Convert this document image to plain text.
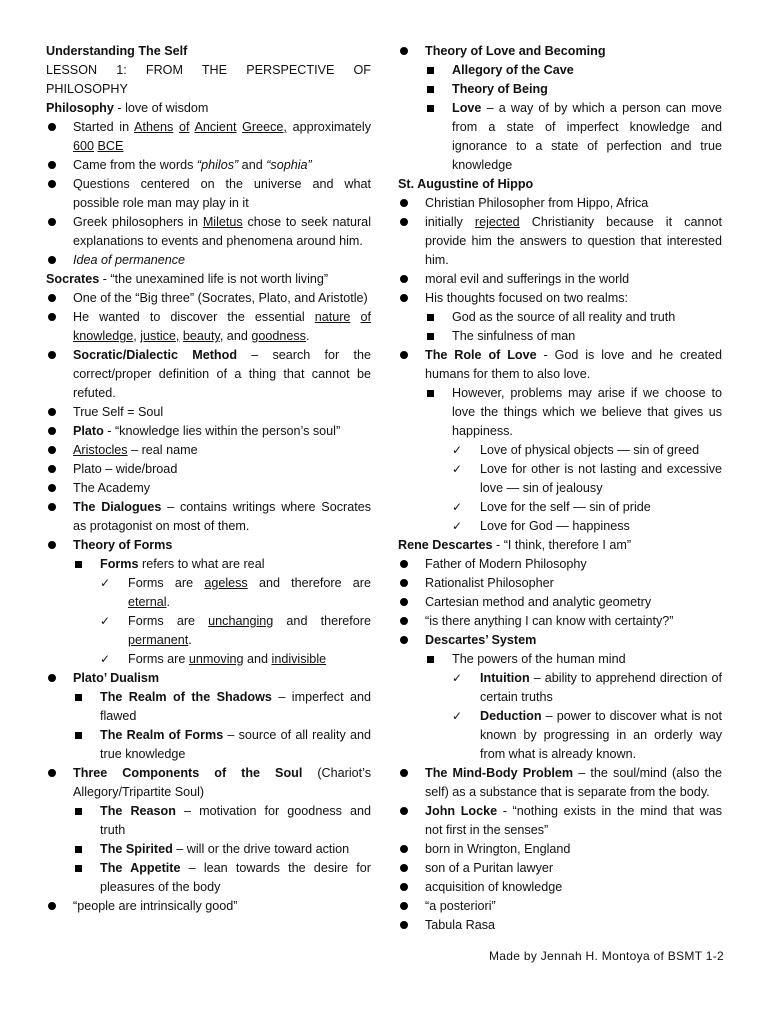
Understanding The Self
LESSON 1: FROM THE PERSPECTIVE OF PHILOSOPHY
Philosophy - love of wisdom
Started in Athens of Ancient Greece, approximately 600 BCE
Came from the words “philos” and “sophia”
Questions centered on the universe and what possible role man may play in it
Greek philosophers in Miletus chose to seek natural explanations to events and phenomena around him.
Idea of permanence
Socrates - “the unexamined life is not worth living”
One of the “Big three” (Socrates, Plato, and Aristotle)
He wanted to discover the essential nature of knowledge, justice, beauty, and goodness.
Socratic/Dialectic Method – search for the correct/proper definition of a thing that cannot be refuted.
True Self = Soul
Plato - “knowledge lies within the person’s soul”
Aristocles – real name
Plato – wide/broad
The Academy
The Dialogues – contains writings where Socrates as protagonist on most of them.
Theory of Forms
Forms refers to what are real
✓ Forms are ageless and therefore are eternal.
✓ Forms are unchanging and therefore permanent.
✓ Forms are unmoving and indivisible
Plato’ Dualism
The Realm of the Shadows – imperfect and flawed
The Realm of Forms – source of all reality and true knowledge
Three Components of the Soul (Chariot’s Allegory/Tripartite Soul)
The Reason – motivation for goodness and truth
The Spirited – will or the drive toward action
The Appetite – lean towards the desire for pleasures of the body
“people are intrinsically good”
Theory of Love and Becoming
Allegory of the Cave
Theory of Being
Love – a way of by which a person can move from a state of imperfect knowledge and ignorance to a state of perfection and true knowledge
St. Augustine of Hippo
Christian Philosopher from Hippo, Africa
initially rejected Christianity because it cannot provide him the answers to question that interested him.
moral evil and sufferings in the world
His thoughts focused on two realms:
God as the source of all reality and truth
The sinfulness of man
The Role of Love - God is love and he created humans for them to also love.
However, problems may arise if we choose to love the things which we believe that gives us happiness.
✓ Love of physical objects — sin of greed
✓ Love for other is not lasting and excessive love — sin of jealousy
✓ Love for the self — sin of pride
✓ Love for God — happiness
Rene Descartes - “I think, therefore I am”
Father of Modern Philosophy
Rationalist Philosopher
Cartesian method and analytic geometry
“is there anything I can know with certainty?”
Descartes’ System
The powers of the human mind
✓ Intuition – ability to apprehend direction of certain truths
✓ Deduction – power to discover what is not known by progressing in an orderly way from what is already known.
The Mind-Body Problem – the soul/mind (also the self) as a substance that is separate from the body.
John Locke - “nothing exists in the mind that was not first in the senses”
born in Wrington, England
son of a Puritan lawyer
acquisition of knowledge
“a posteriori”
Tabula Rasa
Made by Jennah H. Montoya of BSMT 1-2
